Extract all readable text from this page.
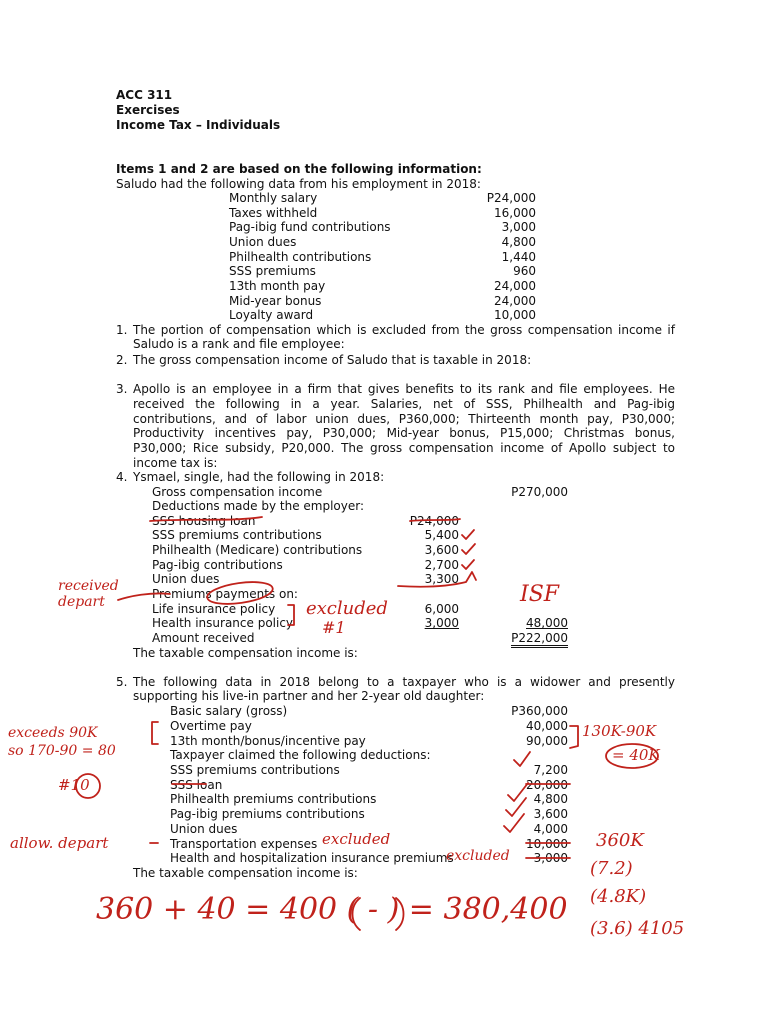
ACC 311
Exercises
Income Tax – Individuals
Items 1 and 2 are based on the following information:
Saludo had the following data from his employment in 2018:
Monthly salary	P24,000
Taxes withheld	16,000
Pag-ibig fund contributions	3,000
Union dues	4,800
Philhealth contributions	1,440
SSS premiums	960
13th month pay	24,000
Mid-year bonus	24,000
Loyalty award	10,000
1. The portion of compensation which is excluded from the gross compensation income if Saludo is a rank and file employee:
2. The gross compensation income of Saludo that is taxable in 2018:
3. Apollo is an employee in a firm that gives benefits to its rank and file employees. He received the following in a year. Salaries, net of SSS, Philhealth and Pag-ibig contributions, and of labor union dues, P360,000; Thirteenth month pay, P30,000; Productivity incentives pay, P30,000; Mid-year bonus, P15,000; Christmas bonus, P30,000; Rice subsidy, P20,000. The gross compensation income of Apollo subject to income tax is:
4. Ysmael, single, had the following in 2018:
Gross compensation income	P270,000
Deductions made by the employer:
SSS housing loan	P24,000
SSS premiums contributions	5,400
Philhealth (Medicare) contributions	3,600
Pag-ibig contributions	2,700
Union dues	3,300
Premiums payments on:
Life insurance policy	6,000
Health insurance policy	3,000	48,000
Amount received	P222,000
The taxable compensation income is:
5. The following data in 2018 belong to a taxpayer who is a widower and presently supporting his live-in partner and her 2-year old daughter:
Basic salary (gross)	P360,000
Overtime pay	40,000
13th month/bonus/incentive pay	90,000
Taxpayer claimed the following deductions:
SSS premiums contributions	7,200
SSS loan	20,000
Philhealth premiums contributions	4,800
Pag-ibig premiums contributions	3,600
Union dues	4,000
Transportation expenses	10,000
Health and hospitalization insurance premiums	3,000
The taxable compensation income is:
received
depart	excluded
#1
ISF
exceeds 90K
so 170-90 = 80
#10
allow. depart	excluded
excluded
130K-90K
= 40K
360K
(7.2)
(4.8K)
(3.6) 4105
360 + 40 = 400 ( - ) = 380,400
